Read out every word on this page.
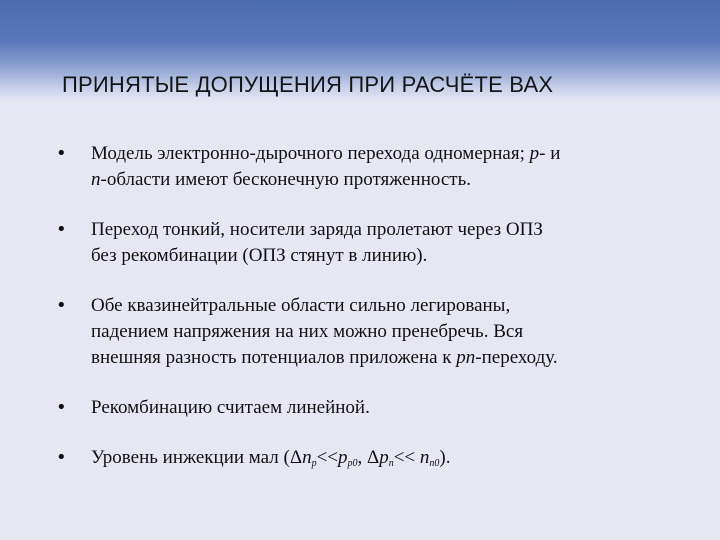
ПРИНЯТЫЕ ДОПУЩЕНИЯ ПРИ РАСЧЁТЕ ВАХ
• Модель электронно-дырочного перехода одномерная; p- и
n-области имеют бесконечную протяженность.
• Переход тонкий, носители заряда пролетают через ОПЗ
без рекомбинации (ОПЗ стянут в линию).
• Обе квазинейтральные области сильно легированы,
падением напряжения на них можно пренебречь. Вся
внешняя разность потенциалов приложена к pn-переходу.
• Рекомбинацию считаем линейной.
• Уровень инжекции мал ($\Delta n_p<<p_{p0}$, $\Delta p_n<< n_{n0}$).
